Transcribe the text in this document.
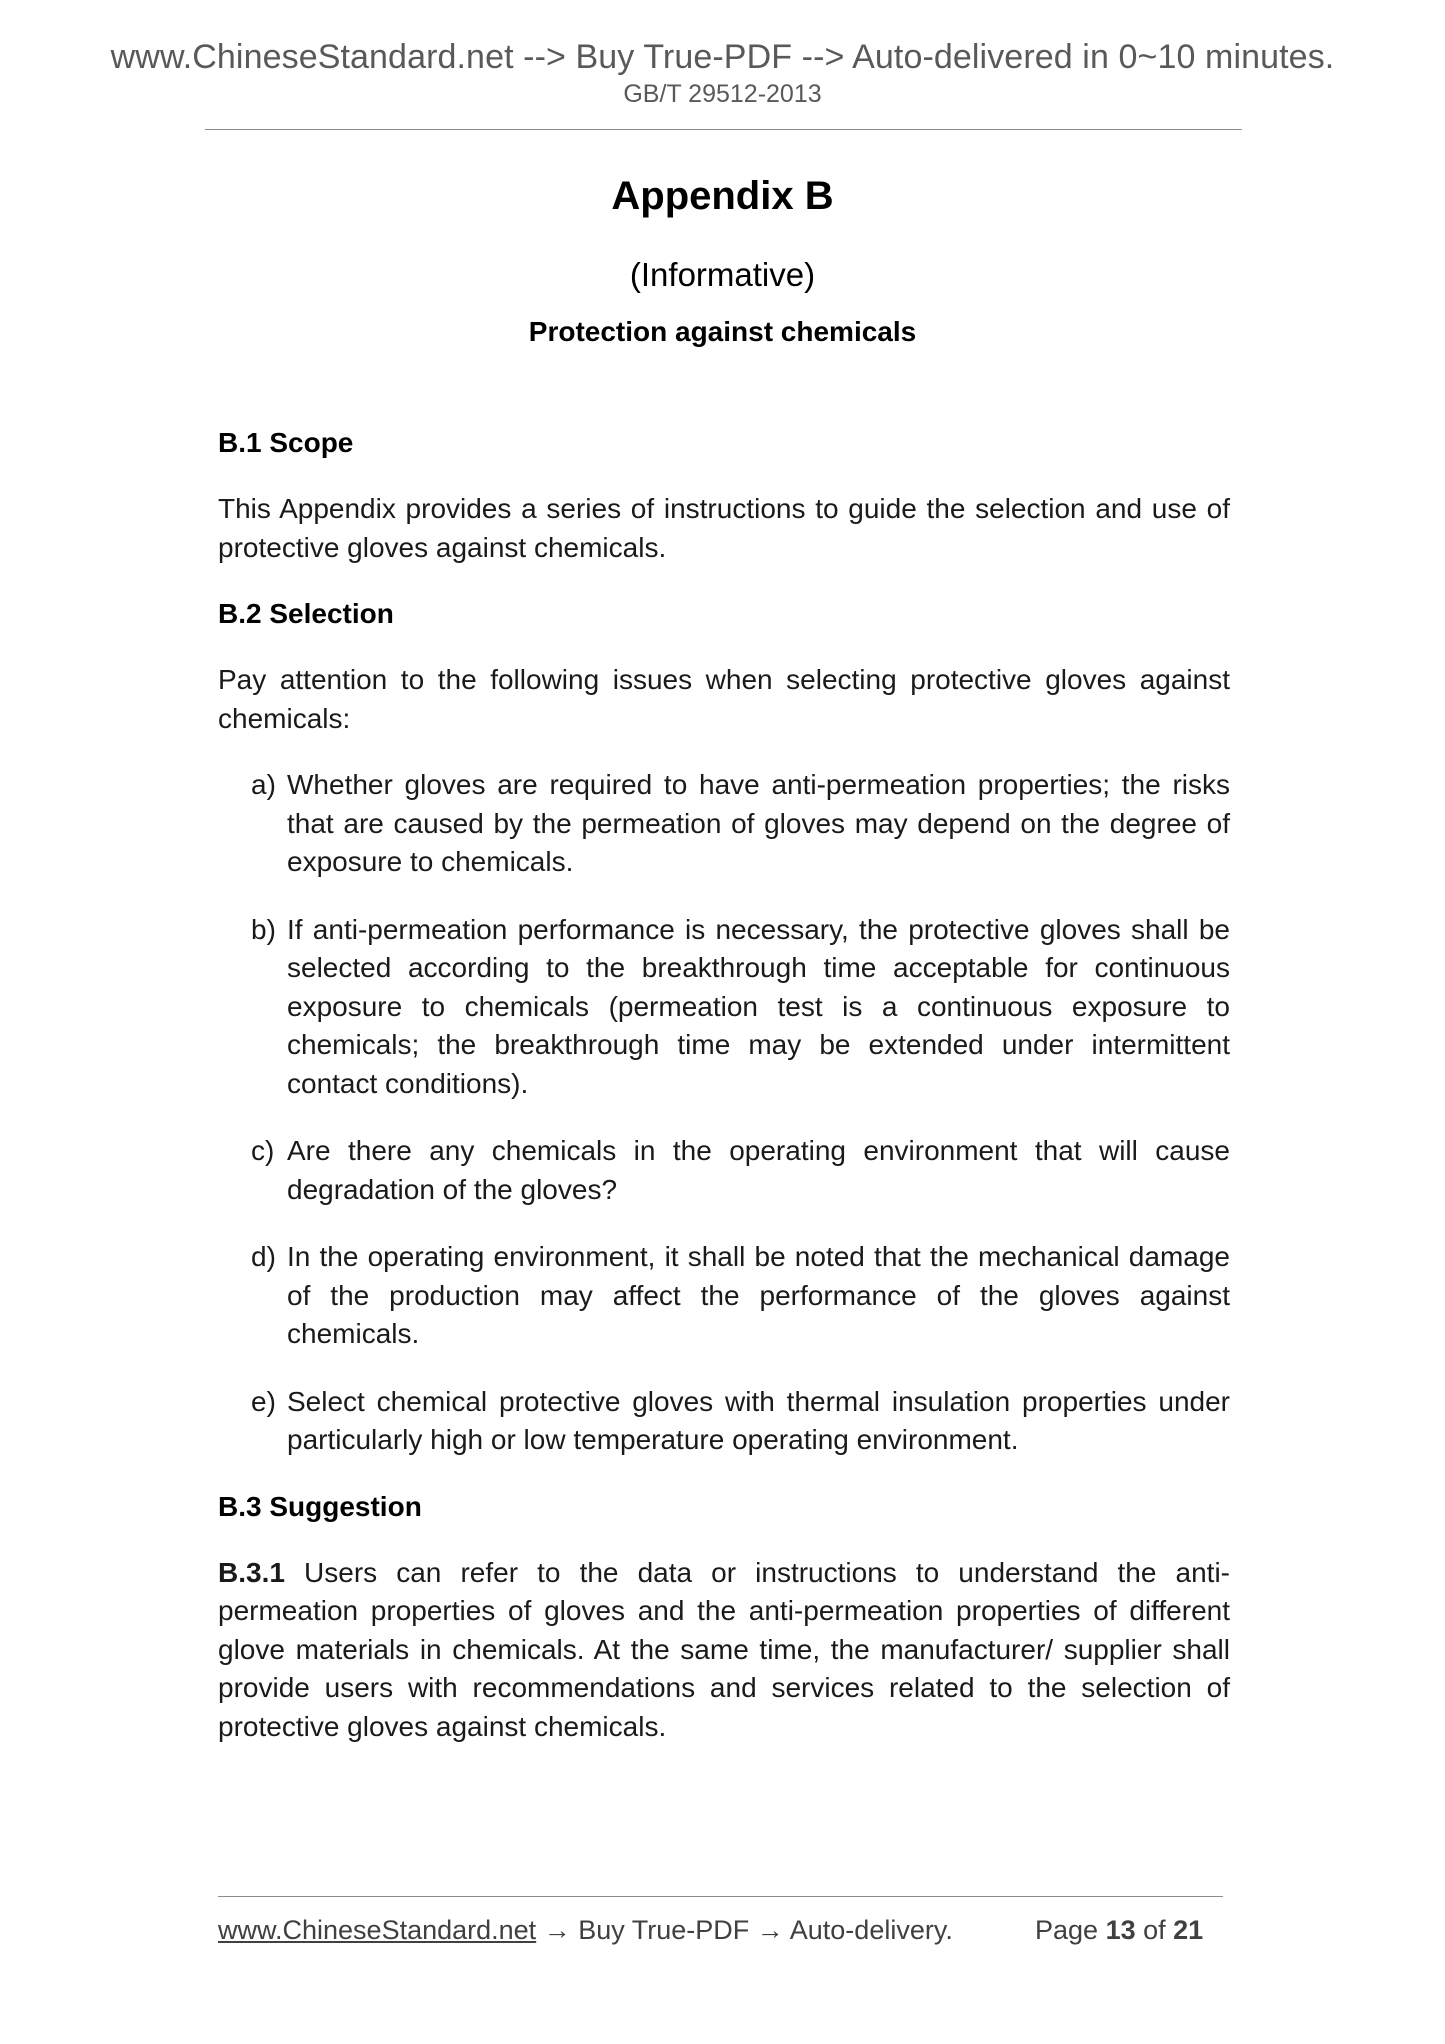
www.ChineseStandard.net --> Buy True-PDF --> Auto-delivered in 0~10 minutes.
GB/T 29512-2013
Appendix B
(Informative)
Protection against chemicals
B.1 Scope

This Appendix provides a series of instructions to guide the selection and use of protective gloves against chemicals.

B.2 Selection

Pay attention to the following issues when selecting protective gloves against chemicals:

a) Whether gloves are required to have anti-permeation properties; the risks that are caused by the permeation of gloves may depend on the degree of exposure to chemicals.
b) If anti-permeation performance is necessary, the protective gloves shall be selected according to the breakthrough time acceptable for continuous exposure to chemicals (permeation test is a continuous exposure to chemicals; the breakthrough time may be extended under intermittent contact conditions).
c) Are there any chemicals in the operating environment that will cause degradation of the gloves?
d) In the operating environment, it shall be noted that the mechanical damage of the production may affect the performance of the gloves against chemicals.
e) Select chemical protective gloves with thermal insulation properties under particularly high or low temperature operating environment.
B.3 Suggestion

B.3.1 Users can refer to the data or instructions to understand the anti-permeation properties of gloves and the anti-permeation properties of different glove materials in chemicals. At the same time, the manufacturer/ supplier shall provide users with recommendations and services related to the selection of protective gloves against chemicals.

www.ChineseStandard.net → Buy True-PDF → Auto-delivery.	Page 13 of 21
